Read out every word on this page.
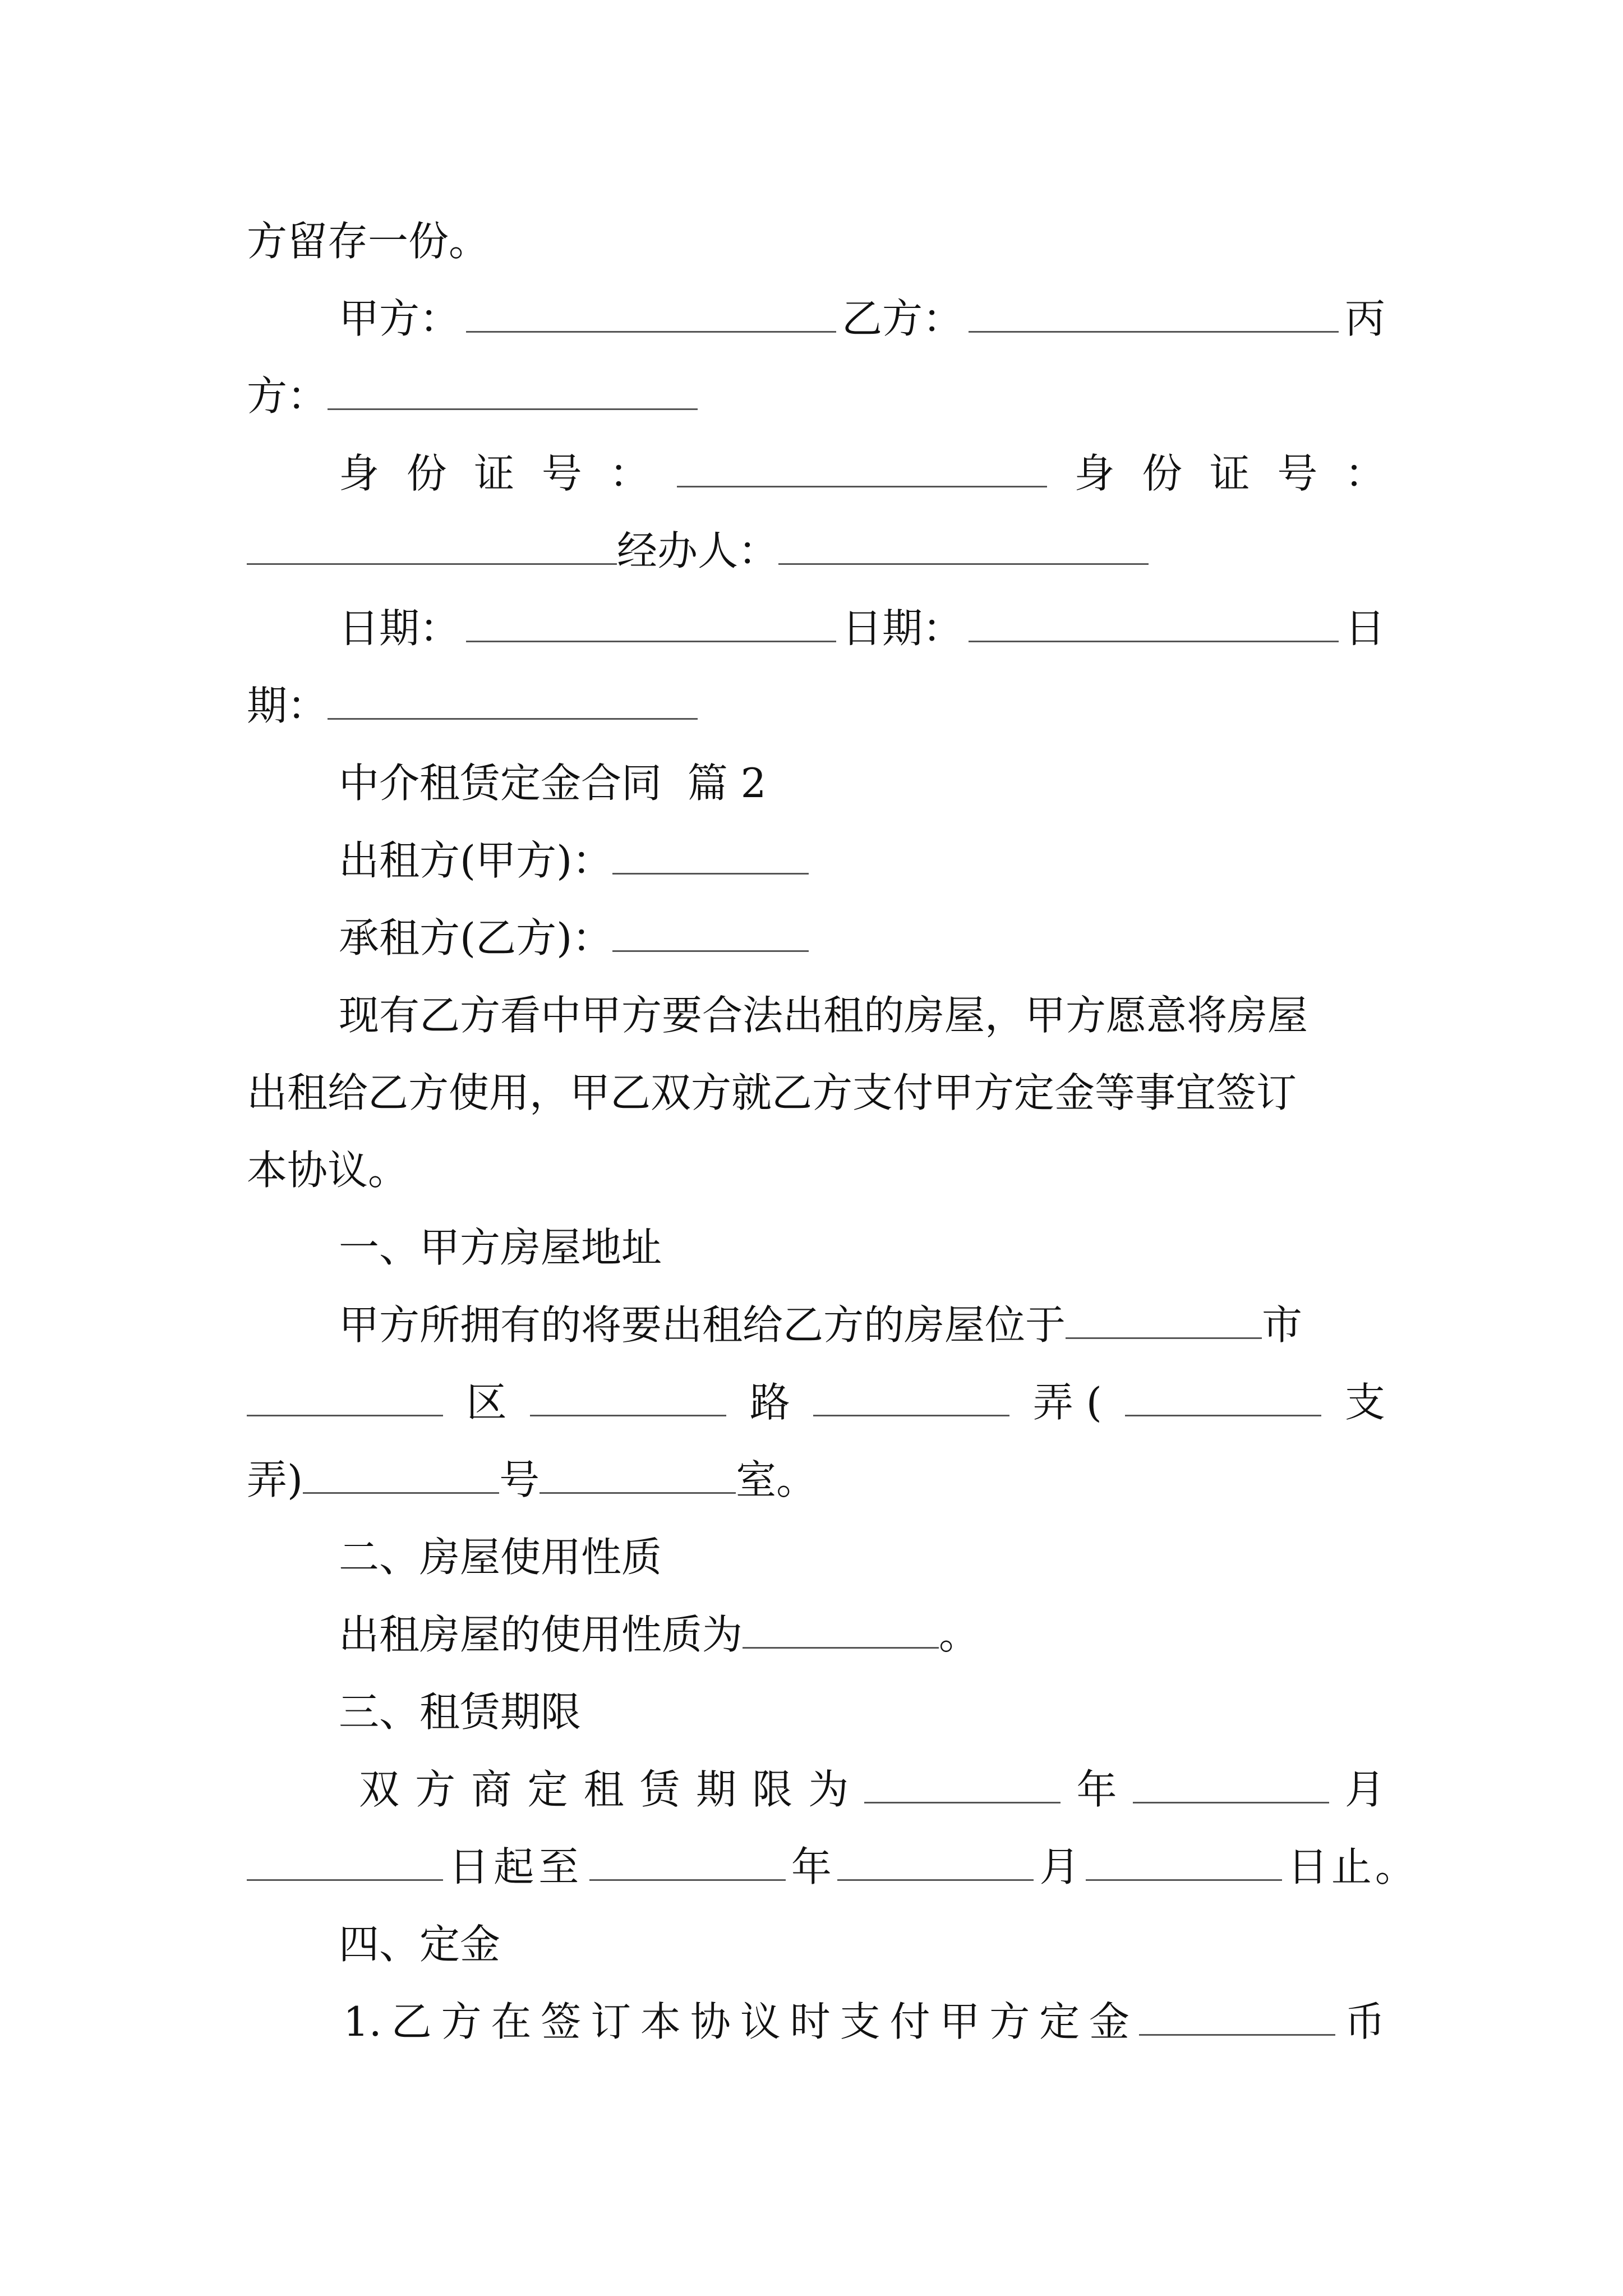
方留存一份。
甲方：	乙方：	丙
方：
身 份 证 号 ：	身 份 证 号 ：
经办人：
日期：	日期：	日
期：
中介租赁定金合同  篇 2
出租方(甲方)：
承租方(乙方)：
现有乙方看中甲方要合法出租的房屋，甲方愿意将房屋
出租给乙方使用，甲乙双方就乙方支付甲方定金等事宜签订
本协议。
一、甲方房屋地址
甲方所拥有的将要出租给乙方的房屋位于	市
区	路	弄 (	支
弄)	号	室。
二、房屋使用性质
出租房屋的使用性质为	。
三、租赁期限
双 方 商 定 租 赁 期 限 为	年	月
日起至	年	月	日止。
四、定金
1. 乙 方 在 签 订 本 协 议 时 支 付 甲 方 定 金	币
